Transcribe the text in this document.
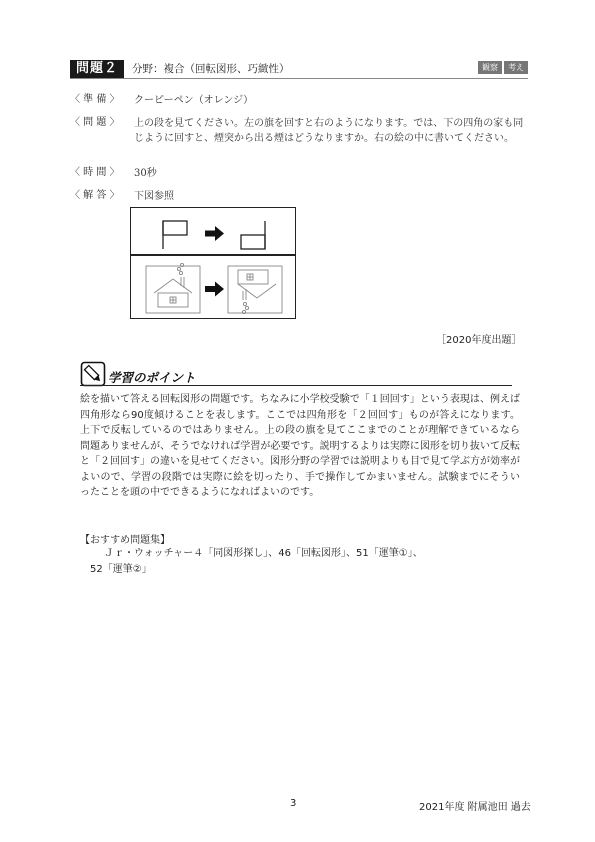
問題２	分野：複合（回転図形、巧緻性）	観察	考え
〈 準 備 〉 クーピーペン（オレンジ）
〈 問 題 〉 上の段を見てください。左の旗を回すと右のようになります。では、下の四角の家も同じように回すと、煙突から出る煙はどうなりますか。右の絵の中に書いてください。
〈 時 間 〉 30秒
〈 解 答 〉 下図参照
［2020年度出題］
学習のポイント
絵を描いて答える回転図形の問題です。ちなみに小学校受験で「１回回す」という表現は、例えば四角形なら90度傾けることを表します。ここでは四角形を「２回回す」ものが答えになります。上下で反転しているのではありません。上の段の旗を見てここまでのことが理解できているなら問題ありませんが、そうでなければ学習が必要です。説明するよりは実際に図形を切り抜いて反転と「２回回す」の違いを見せてください。図形分野の学習では説明よりも目で見て学ぶ方が効率がよいので、学習の段階では実際に絵を切ったり、手で操作してかまいません。試験までにそういったことを頭の中でできるようになればよいのです。
【おすすめ問題集】
Ｊｒ・ウォッチャー４「同図形探し」、46「回転図形」、51「運筆①」、
52「運筆②」
3	2021年度 附属池田 過去
